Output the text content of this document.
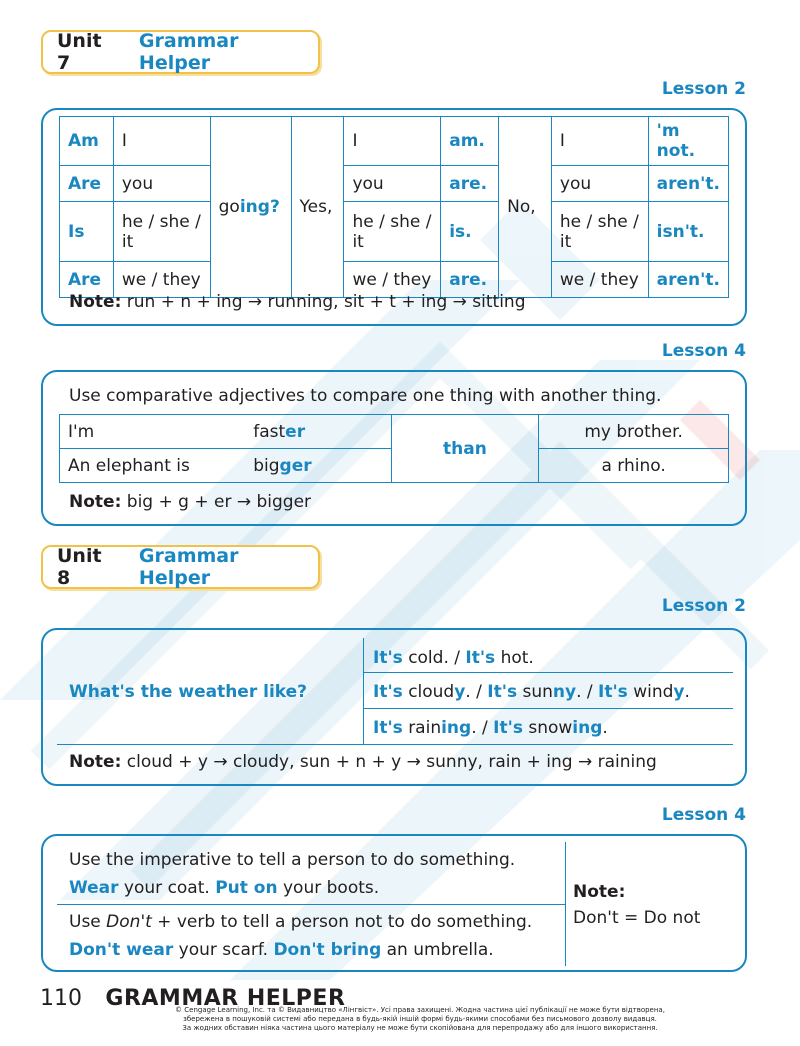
Unit 7
Grammar Helper
Lesson 2
Am	I	going?	Yes,	I	am.	No,	I	'm not.
Are	you			you	are.		you	aren't.
Is	he / she / it			he / she / it	is.		he / she / it	isn't.
Are	we / they			we / they	are.		we / they	aren't.
Note: run + n + ing → running, sit + t + ing → sitting
Lesson 4
Use comparative adjectives to compare one thing with another thing.
I'm	faster	than	my brother.
An elephant is	bigger		a rhino.
Note: big + g + er → bigger
Unit 8
Grammar Helper
Lesson 2
What's the weather like?
It's cold. / It's hot.
It's cloudy. / It's sunny. / It's windy.
It's raining. / It's snowing.
Note: cloud + y → cloudy, sun + n + y → sunny, rain + ing → raining
Lesson 4
Use the imperative to tell a person to do something.
Wear your coat. Put on your boots.
Use Don't + verb to tell a person not to do something.
Don't wear your scarf. Don't bring an umbrella.
Note:
Don't = Do not
110 GRAMMAR HELPER
© Cengage Learning, Inc. та © Видавництво «Лінгвіст». Усі права захищені. Жодна частина цієї публікації не може бути відтворена,
збережена в пошуковій системі або передана в будь-якій іншій формі будь-якими способами без письмового дозволу видавця.
За жодних обставин ніяка частина цього матеріалу не може бути скопійована для перепродажу або для іншого використання.
